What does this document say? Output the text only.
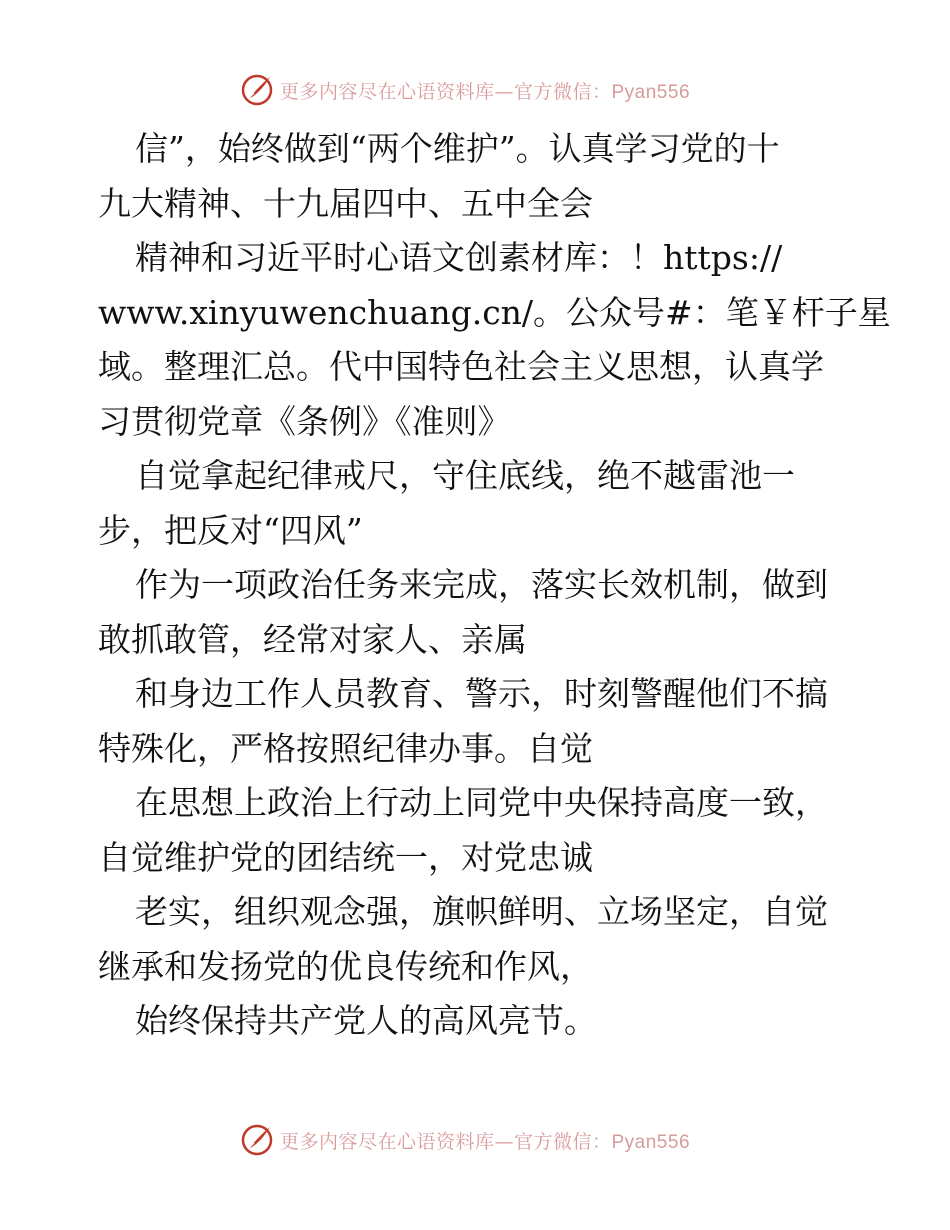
更多内容尽在心语资料库—官方微信：Pyan556
信”，始终做到“两个维护”。认真学习党的十
九大精神、十九届四中、五中全会
精神和习近平时心语文创素材库：！https://
www.xinyuwenchuang.cn/。公众号#：笔￥杆子星
域。整理汇总。代中国特色社会主义思想，认真学
习贯彻党章《条例》《准则》
自觉拿起纪律戒尺，守住底线，绝不越雷池一
步，把反对“四风”
作为一项政治任务来完成，落实长效机制，做到
敢抓敢管，经常对家人、亲属
和身边工作人员教育、警示，时刻警醒他们不搞
特殊化，严格按照纪律办事。自觉
在思想上政治上行动上同党中央保持高度一致，
自觉维护党的团结统一，对党忠诚
老实，组织观念强，旗帜鲜明、立场坚定，自觉
继承和发扬党的优良传统和作风，
始终保持共产党人的高风亮节。
更多内容尽在心语资料库—官方微信：Pyan556
